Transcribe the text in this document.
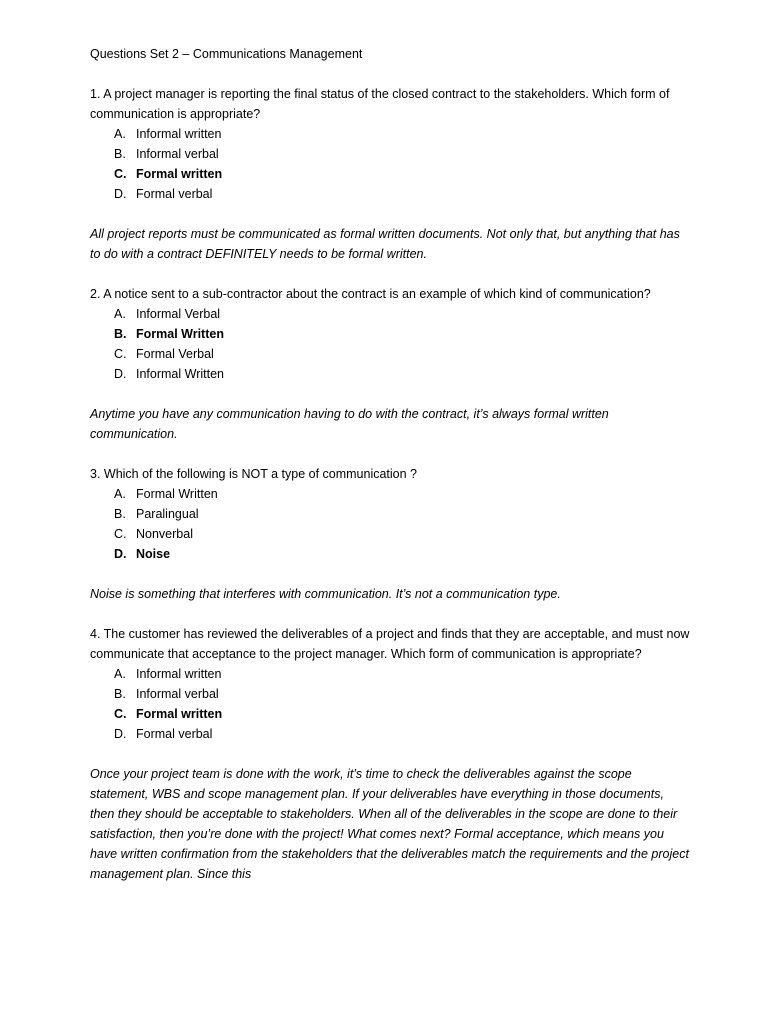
Questions Set 2 – Communications Management

1. A project manager is reporting the final status of the closed contract to the stakeholders. Which form of communication is appropriate?

A. Informal written
B. Informal verbal
C. Formal written
D. Formal verbal

All project reports must be communicated as formal written documents. Not only that, but anything that has to do with a contract DEFINITELY needs to be formal written.

2. A notice sent to a sub-contractor about the contract is an example of which kind of communication?

A. Informal Verbal
B. Formal Written
C. Formal Verbal
D. Informal Written

Anytime you have any communication having to do with the contract, it’s always formal written communication.

3. Which of the following is NOT a type of communication ?

A. Formal Written
B. Paralingual
C. Nonverbal
D. Noise

Noise is something that interferes with communication. It’s not a communication type.

4. The customer has reviewed the deliverables of a project and finds that they are acceptable, and must now communicate that acceptance to the project manager. Which form of communication is appropriate?

A. Informal written
B. Informal verbal
C. Formal written
D. Formal verbal

Once your project team is done with the work, it’s time to check the deliverables against the scope statement, WBS and scope management plan. If your deliverables have everything in those documents, then they should be acceptable to stakeholders. When all of the deliverables in the scope are done to their satisfaction, then you’re done with the project! What comes next? Formal acceptance, which means you have written confirmation from the stakeholders that the deliverables match the requirements and the project management plan. Since this
